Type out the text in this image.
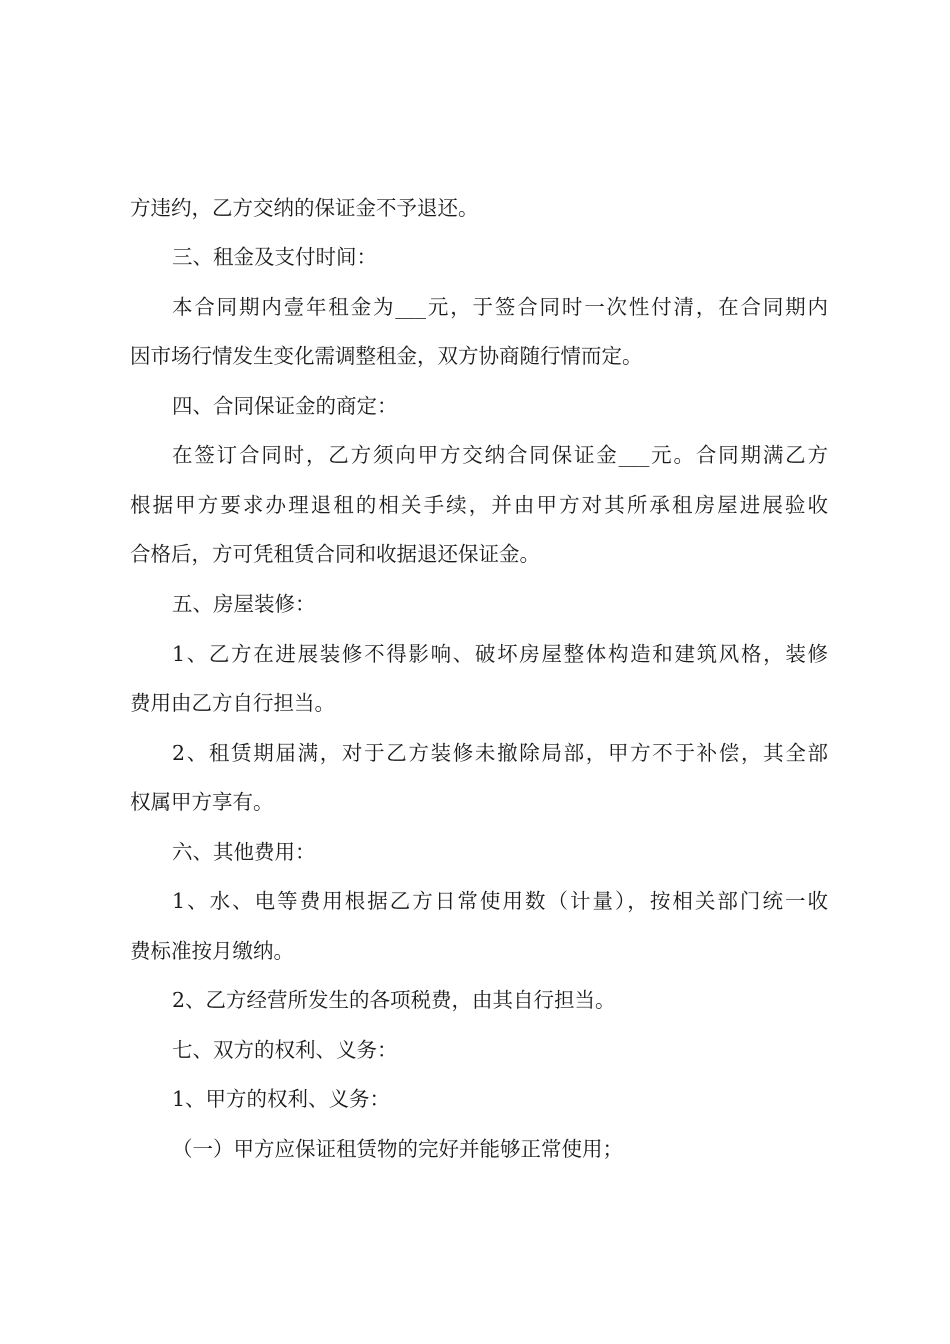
方违约，乙方交纳的保证金不予退还。

三、租金及支付时间：

本合同期内壹年租金为___元，于签合同时一次性付清，在合同期内

因市场行情发生变化需调整租金，双方协商随行情而定。

四、合同保证金的商定：

在签订合同时，乙方须向甲方交纳合同保证金___元。合同期满乙方

根据甲方要求办理退租的相关手续，并由甲方对其所承租房屋进展验收

合格后，方可凭租赁合同和收据退还保证金。

五、房屋装修：

1、乙方在进展装修不得影响、破坏房屋整体构造和建筑风格，装修

费用由乙方自行担当。

2、租赁期届满，对于乙方装修未撤除局部，甲方不于补偿，其全部

权属甲方享有。

六、其他费用：

1、水、电等费用根据乙方日常使用数（计量），按相关部门统一收

费标准按月缴纳。

2、乙方经营所发生的各项税费，由其自行担当。

七、双方的权利、义务：

1、甲方的权利、义务：

（一）甲方应保证租赁物的完好并能够正常使用；
